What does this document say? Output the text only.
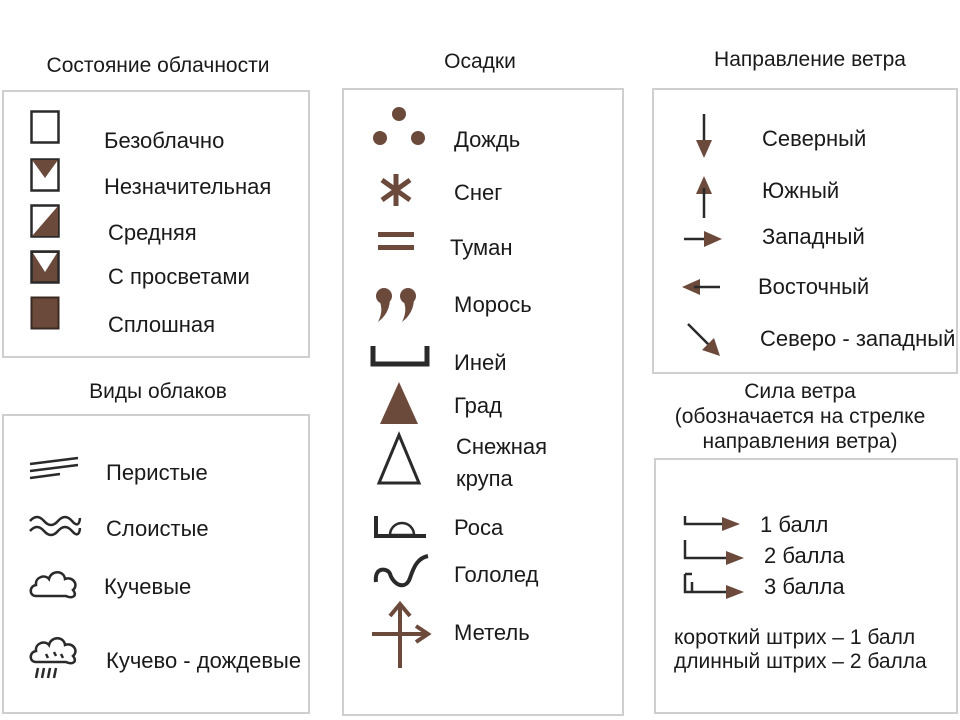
Состояние облачности
Безоблачно
Незначительная
Средняя
С просветами
Сплошная
Виды облаков
Перистые
Слоистые
Кучевые
Кучево - дождевые
Осадки
Дождь
Снег
Туман
Морось
Иней
Град
Снежная
крупа
Роса
Гололед
Метель
Направление ветра
Северный
Южный
Западный
Восточный
Северо - западный
Сила ветра
(обозначается на стрелке
направления ветра)
1 балл
2 балла
3 балла
короткий штрих – 1 балл
длинный штрих – 2 балла
